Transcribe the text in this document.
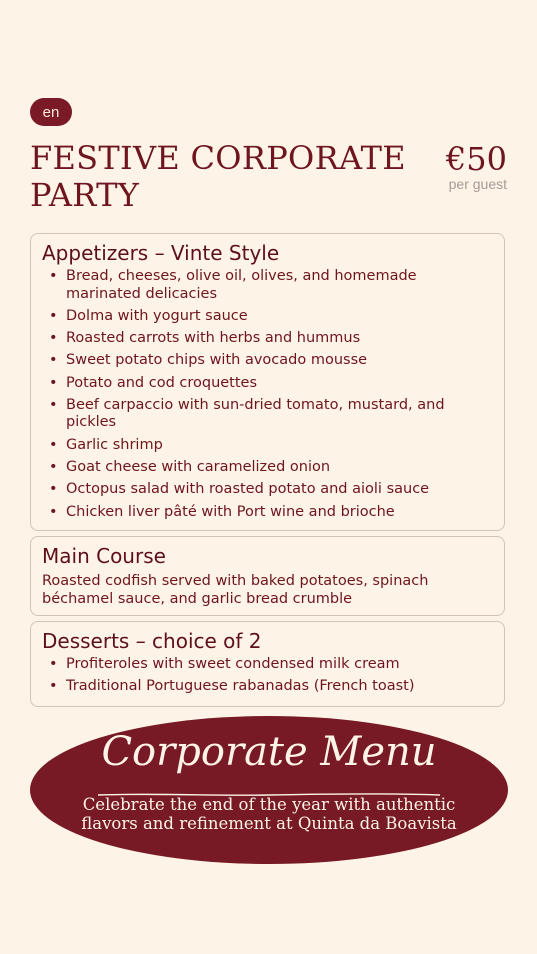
en
FESTIVE CORPORATE PARTY
€50
per guest
Appetizers – Vinte Style
• Bread, cheeses, olive oil, olives, and homemade marinated delicacies
• Dolma with yogurt sauce
• Roasted carrots with herbs and hummus
• Sweet potato chips with avocado mousse
• Potato and cod croquettes
• Beef carpaccio with sun-dried tomato, mustard, and pickles
• Garlic shrimp
• Goat cheese with caramelized onion
• Octopus salad with roasted potato and aioli sauce
• Chicken liver pâté with Port wine and brioche
Main Course

Roasted codfish served with baked potatoes, spinach béchamel sauce, and garlic bread crumble

Desserts – choice of 2
• Profiteroles with sweet condensed milk cream
• Traditional Portuguese rabanadas (French toast)
Corporate Menu
Celebrate the end of the year with authentic
flavors and refinement at Quinta da Boavista
